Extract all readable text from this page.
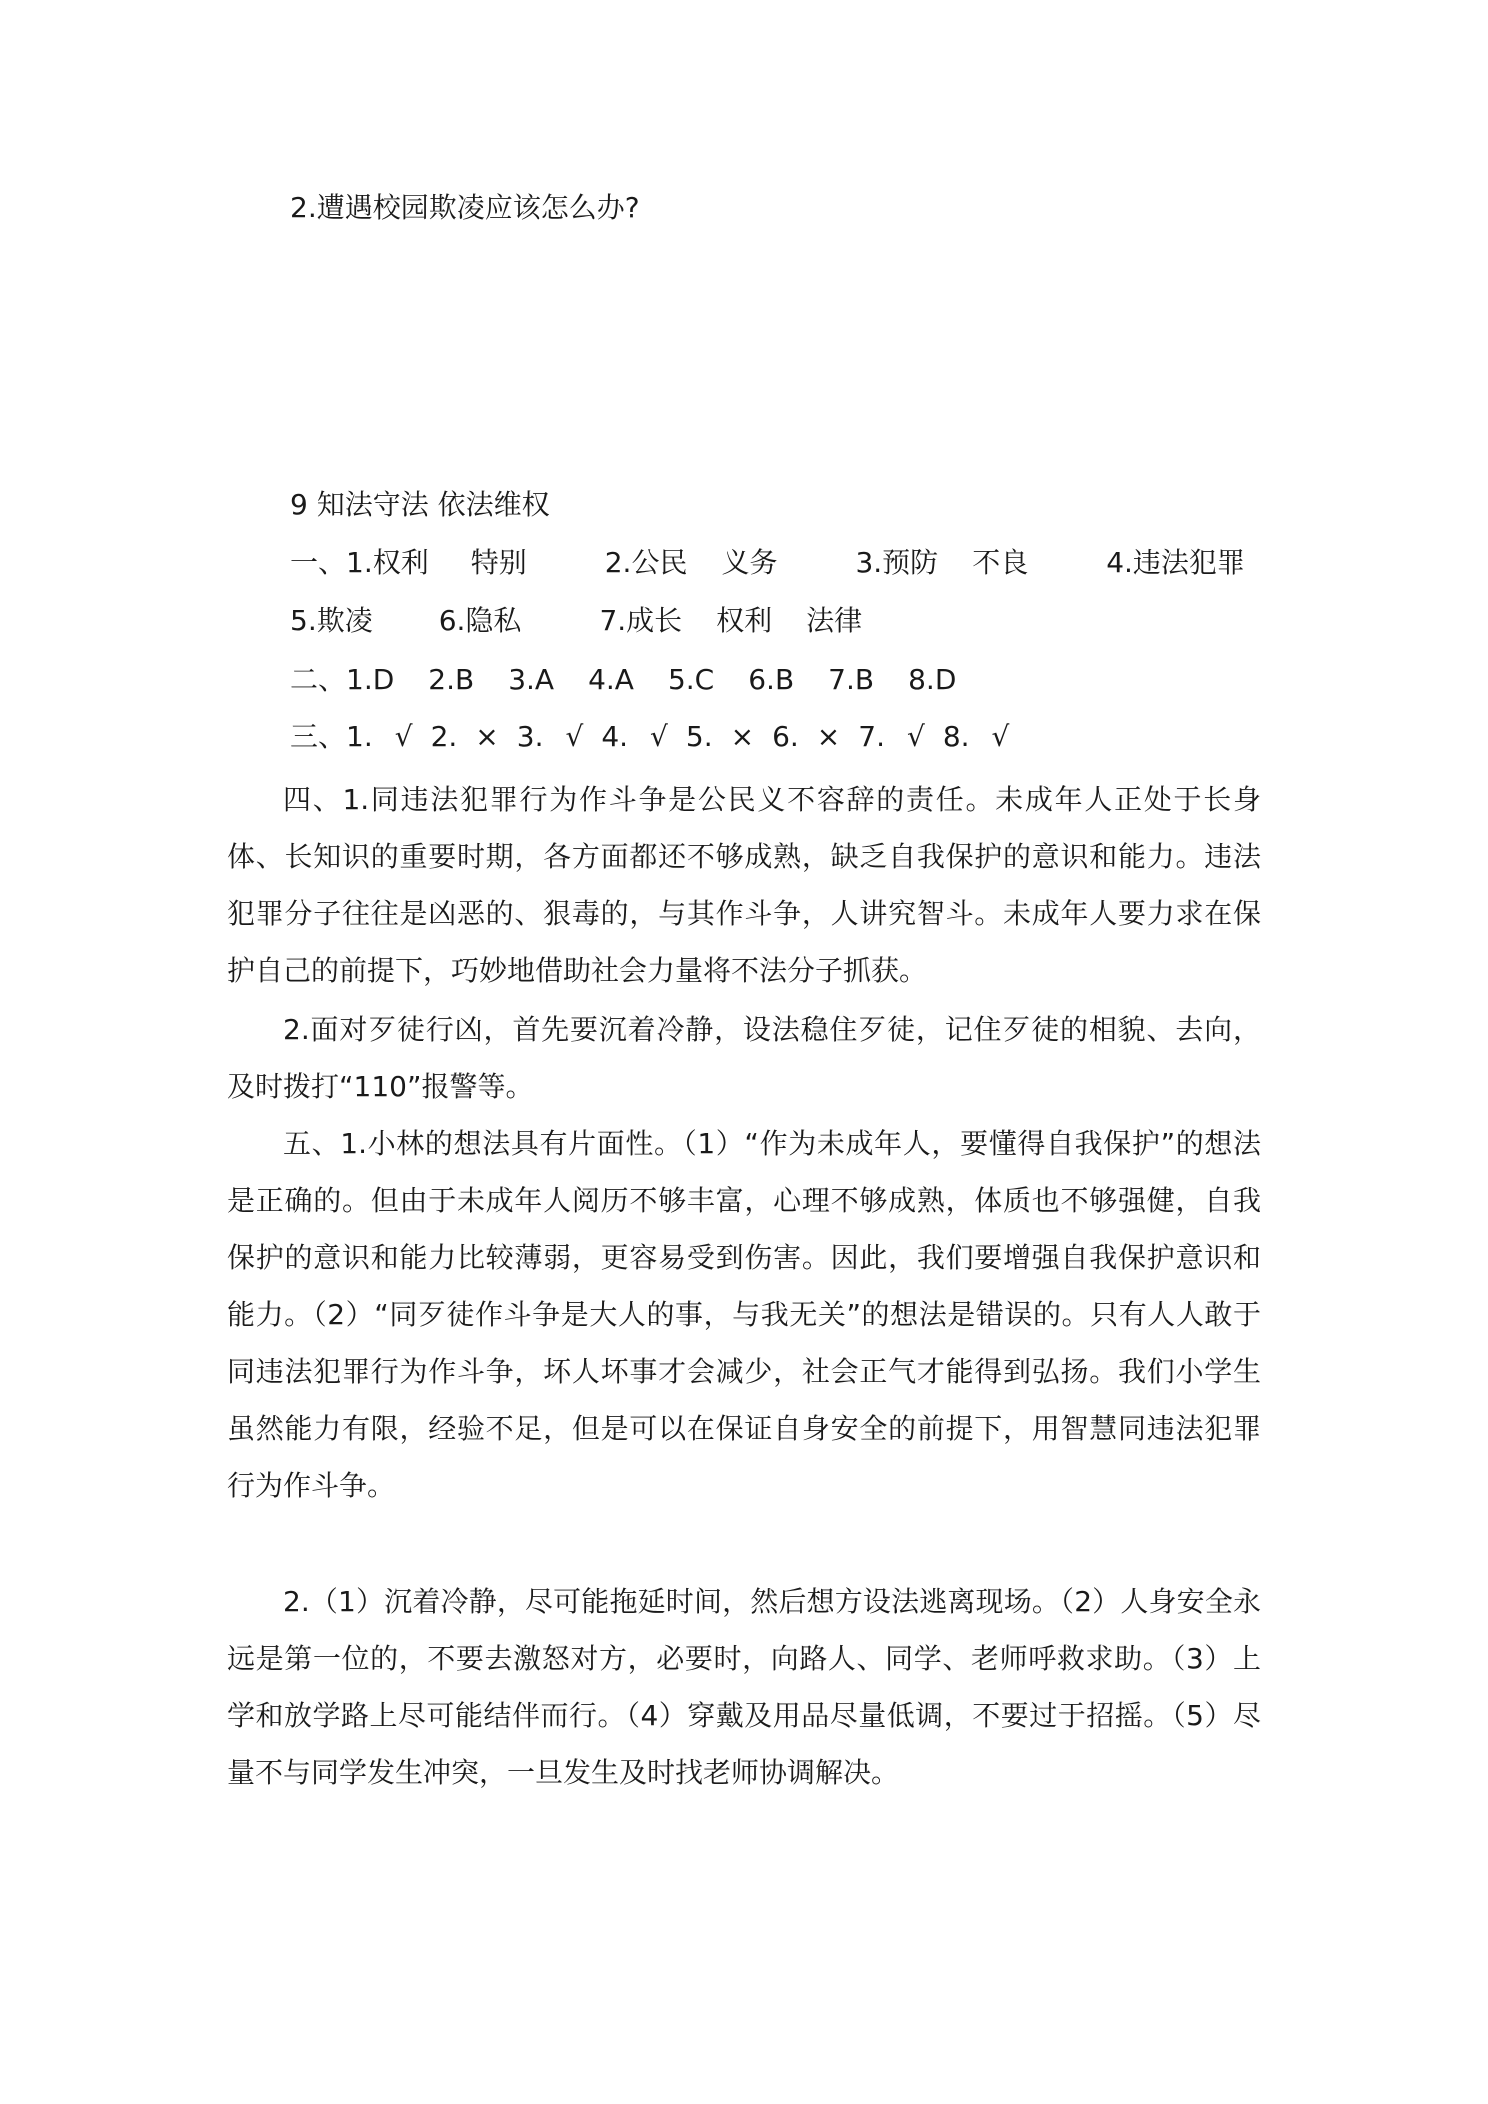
2.遭遇校园欺凌应该怎么办?
9 知法守法 依法维权
一、1.权利 特别	2.公民 义务	3.预防 不良	4.违法犯罪
5.欺凌 6.隐私	7.成长 权利 法律
二、1.D 2.B 3.A 4.A 5.C 6.B 7.B 8.D
三、1. √ 2. × 3. √ 4. √ 5. × 6. × 7. √ 8. √
四、1.同违法犯罪行为作斗争是公民义不容辞的责任。未成年人正处于长身体、长知识的重要时期，各方面都还不够成熟，缺乏自我保护的意识和能力。违法犯罪分子往往是凶恶的、狠毒的，与其作斗争，人讲究智斗。未成年人要力求在保护自己的前提下，巧妙地借助社会力量将不法分子抓获。
2.面对歹徒行凶，首先要沉着冷静，设法稳住歹徒，记住歹徒的相貌、去向，及时拨打“110”报警等。
五、1.小林的想法具有片面性。（1）“作为未成年人，要懂得自我保护”的想法是正确的。但由于未成年人阅历不够丰富，心理不够成熟，体质也不够强健，自我保护的意识和能力比较薄弱，更容易受到伤害。因此，我们要增强自我保护意识和能力。（2）“同歹徒作斗争是大人的事，与我无关”的想法是错误的。只有人人敢于同违法犯罪行为作斗争，坏人坏事才会减少，社会正气才能得到弘扬。我们小学生虽然能力有限，经验不足，但是可以在保证自身安全的前提下，用智慧同违法犯罪行为作斗争。
2.（1）沉着冷静，尽可能拖延时间，然后想方设法逃离现场。（2）人身安全永远是第一位的，不要去激怒对方，必要时，向路人、同学、老师呼救求助。（3）上学和放学路上尽可能结伴而行。（4）穿戴及用品尽量低调，不要过于招摇。（5）尽量不与同学发生冲突，一旦发生及时找老师协调解决。
